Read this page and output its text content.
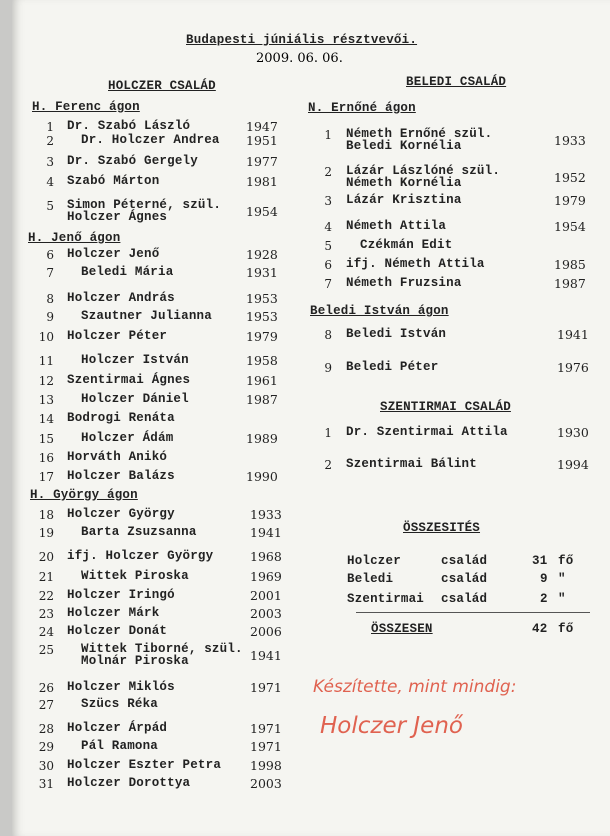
Budapesti júniális résztvevői.
2009. 06. 06.
HOLCZER CSALÁD
H. Ferenc ágon
H. Jenő ágon
H. György ágon
BELEDI CSALÁD
N. Ernőné ágon
Beledi István ágon
SZENTIRMAI CSALÁD
ÖSSZESITÉS
ÖSSZESEN	42 fő
Készítette, mint mindig:
Holczer Jenő
1 Dr. Szabó László	1947
2 Dr. Holczer Andrea 1951
3 Dr. Szabó Gergely	1977
4 Szabó Márton	1981
5 Simon Péterné, szül.
Holczer Ágnes	1954
6 Holczer Jenő	1928
7 Beledi Mária	1931
8 Holczer András	1953
9 Szautner Julianna	1953
10 Holczer Péter	1979
11 Holczer István	1958
12 Szentirmai Ágnes	1961
13 Holczer Dániel	1987
14 Bodrogi Renáta
15 Holczer Ádám	1989
16 Horváth Anikó
17 Holczer Balázs	1990
18 Holczer György	1933
19 Barta Zsuzsanna	1941
20 ifj. Holczer György	1968
21 Wittek Piroska	1969
22 Holczer Iringó	2001
23 Holczer Márk	2003
24 Holczer Donát	2006
25 Wittek Tiborné, szül.
Molnár Piroska	1941
26 Holczer Miklós	1971
27 Szücs Réka
28 Holczer Árpád	1971
29 Pál Ramona	1971
30 Holczer Eszter Petra 1998
31 Holczer Dorottya	2003
1 Németh Ernőné szül.
Beledi Kornélia	1933
2 Lázár Lászlóné szül.
Németh Kornélia	1952
3 Lázár Krisztina	1979
4 Németh Attila	1954
5 Czékmán Edit
6 ifj. Németh Attila	1985
7 Németh Fruzsina	1987
8 Beledi István	1941
9 Beledi Péter	1976
1 Dr. Szentirmai Attila	1930
2 Szentirmai Bálint	1994
Holczer	család	31 fő
Beledi	család	9 "
Szentirmai család	2 "
